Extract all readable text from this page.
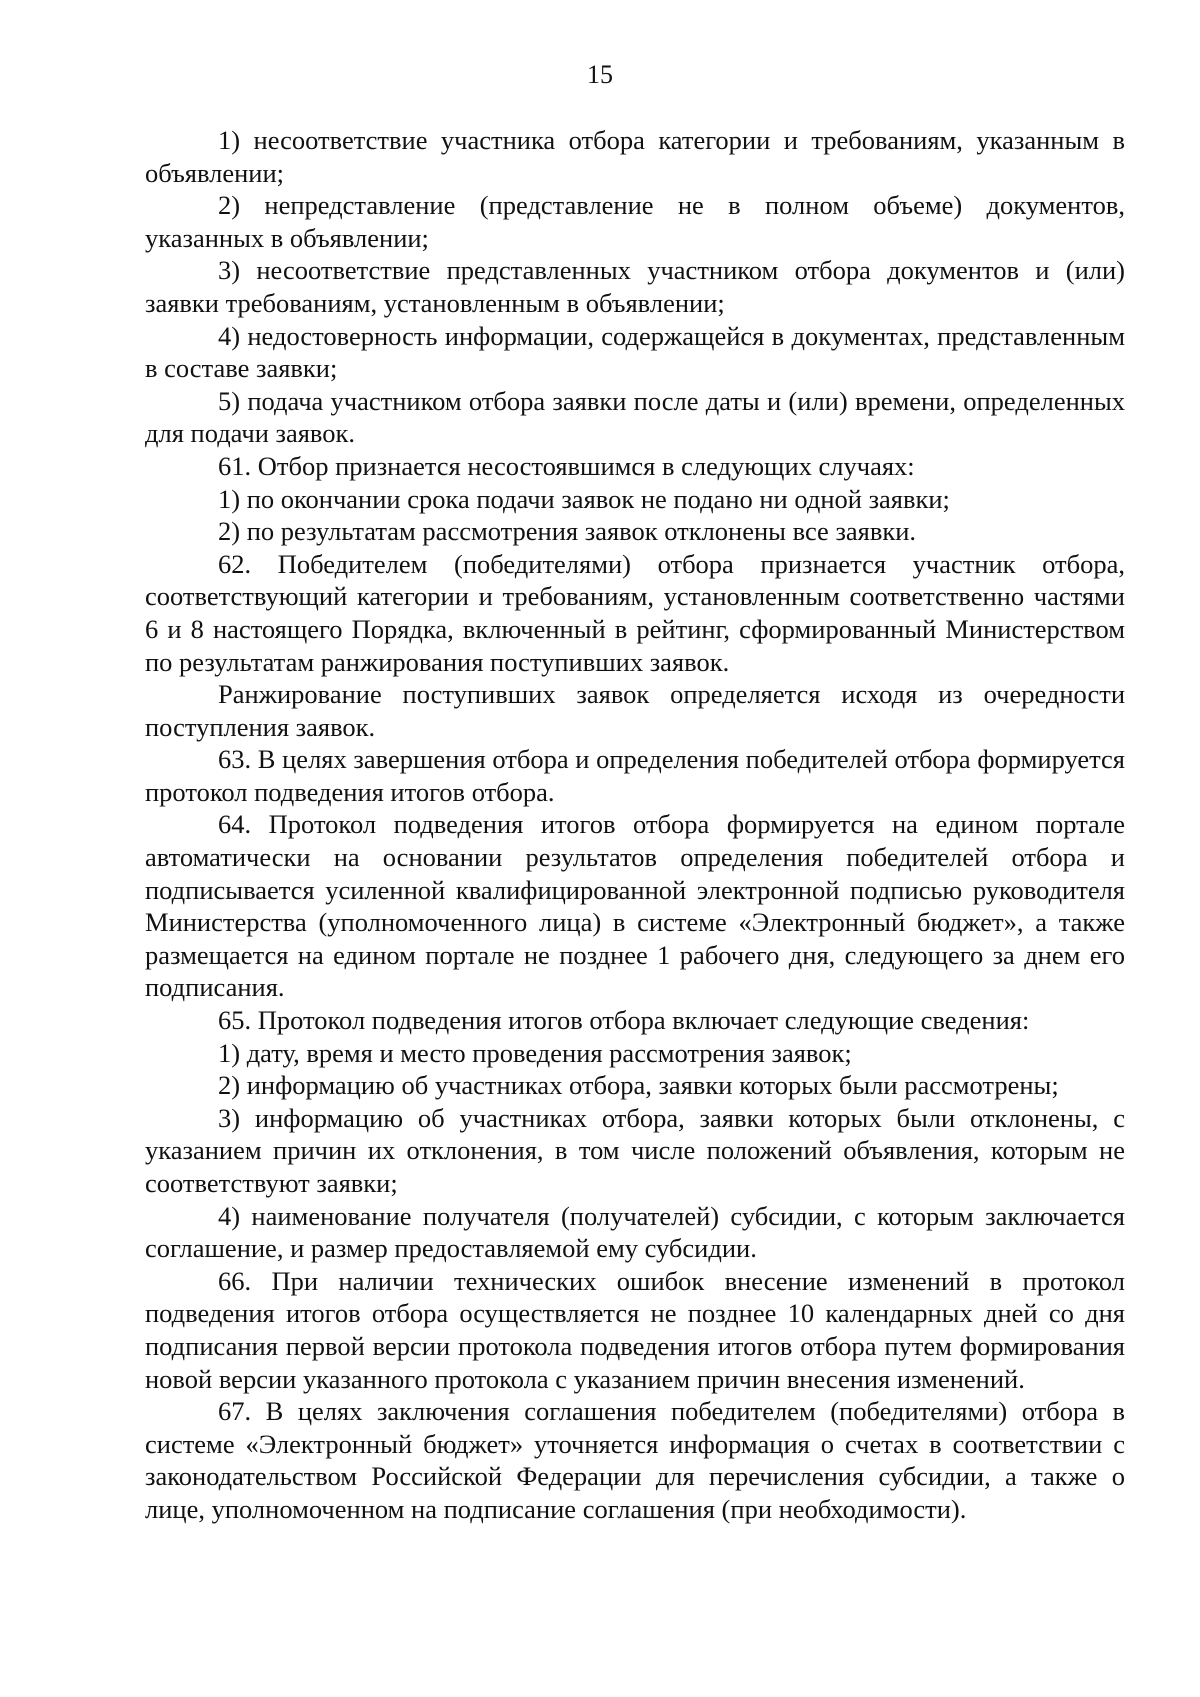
15

1) несоответствие участника отбора категории и требованиям, указанным в объявлении;

2) непредставление (представление не в полном объеме) документов, указанных в объявлении;

3) несоответствие представленных участником отбора документов и (или) заявки требованиям, установленным в объявлении;

4) недостоверность информации, содержащейся в документах, представленным в составе заявки;

5) подача участником отбора заявки после даты и (или) времени, определенных для подачи заявок.

61. Отбор признается несостоявшимся в следующих случаях:

1) по окончании срока подачи заявок не подано ни одной заявки;

2) по результатам рассмотрения заявок отклонены все заявки.

62. Победителем (победителями) отбора признается участник отбора, соответствующий категории и требованиям, установленным соответственно частями 6 и 8 настоящего Порядка, включенный в рейтинг, сформированный Министерством по результатам ранжирования поступивших заявок.

Ранжирование поступивших заявок определяется исходя из очередности поступления заявок.

63. В целях завершения отбора и определения победителей отбора формируется протокол подведения итогов отбора.

64. Протокол подведения итогов отбора формируется на едином портале автоматически на основании результатов определения победителей отбора и подписывается усиленной квалифицированной электронной подписью руководителя Министерства (уполномоченного лица) в системе «Электронный бюджет», а также размещается на едином портале не позднее 1 рабочего дня, следующего за днем его подписания.

65. Протокол подведения итогов отбора включает следующие сведения:

1) дату, время и место проведения рассмотрения заявок;

2) информацию об участниках отбора, заявки которых были рассмотрены;

3) информацию об участниках отбора, заявки которых были отклонены, с указанием причин их отклонения, в том числе положений объявления, которым не соответствуют заявки;

4) наименование получателя (получателей) субсидии, с которым заключается соглашение, и размер предоставляемой ему субсидии.

66. При наличии технических ошибок внесение изменений в протокол подведения итогов отбора осуществляется не позднее 10 календарных дней со дня подписания первой версии протокола подведения итогов отбора путем формирования новой версии указанного протокола с указанием причин внесения изменений.

67. В целях заключения соглашения победителем (победителями) отбора в системе «Электронный бюджет» уточняется информация о счетах в соответствии с законодательством Российской Федерации для перечисления субсидии, а также о лице, уполномоченном на подписание соглашения (при необходимости).
